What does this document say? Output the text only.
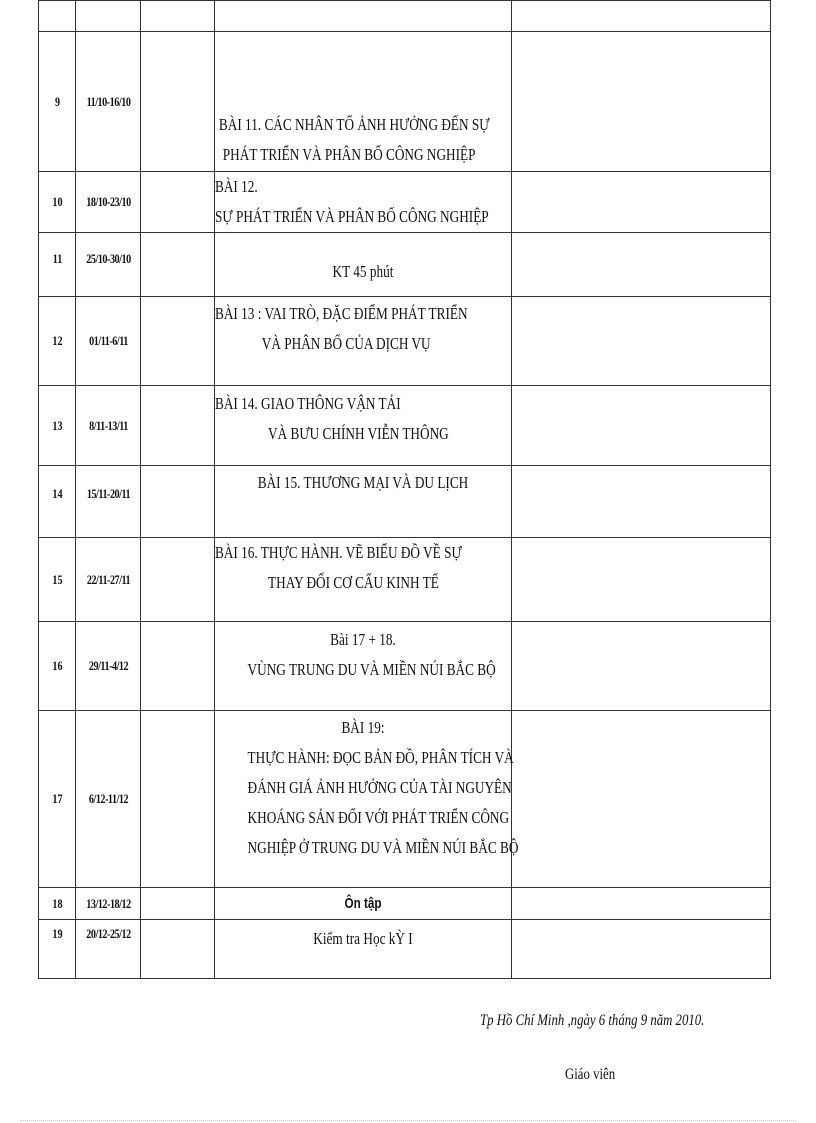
9	11/10-16/10		BÀI 11. CÁC NHÂN TỐ ẢNH HƯỞNG ĐẾN SỰ
PHÁT TRIỂN VÀ PHÂN BỐ CÔNG NGHIỆP	

10	18/10-23/10		BÀI 12.
SỰ PHÁT TRIỂN VÀ PHÂN BỐ CÔNG NGHIỆP	

11	25/10-30/10		KT 45 phút	

12	01/11-6/11		BÀI 13 : VAI TRÒ, ĐẶC ĐIỂM PHÁT TRIỂN
VÀ PHÂN BỐ CỦA DỊCH VỤ	

13	8/11-13/11		BÀI 14. GIAO THÔNG VẬN TẢI
VÀ BƯU CHÍNH VIỄN THÔNG	

14	15/11-20/11		BÀI 15. THƯƠNG MẠI VÀ DU LỊCH	

15	22/11-27/11		BÀI 16. THỰC HÀNH. VẼ BIỂU ĐỒ VỀ SỰ
THAY ĐỔI CƠ CẤU KINH TẾ	

16	29/11-4/12		Bài 17 + 18.
VÙNG TRUNG DU VÀ MIỀN NÚI BẮC BỘ	

17	6/12-11/12		BÀI 19:
THỰC HÀNH: ĐỌC BẢN ĐỒ, PHÂN TÍCH VÀ
ĐÁNH GIÁ ẢNH HƯỞNG CỦA TÀI NGUYÊN
KHOÁNG SẢN ĐỐI VỚI PHÁT TRIỂN CÔNG
NGHIỆP Ở TRUNG DU VÀ MIỀN NÚI BẮC BỘ	

18	13/12-18/12		Ôn tập	

19	20/12-25/12		Kiểm tra Học kỲ I	

Tp Hồ Chí Minh ,ngày 6 tháng 9 năm 2010.
Giáo viên
